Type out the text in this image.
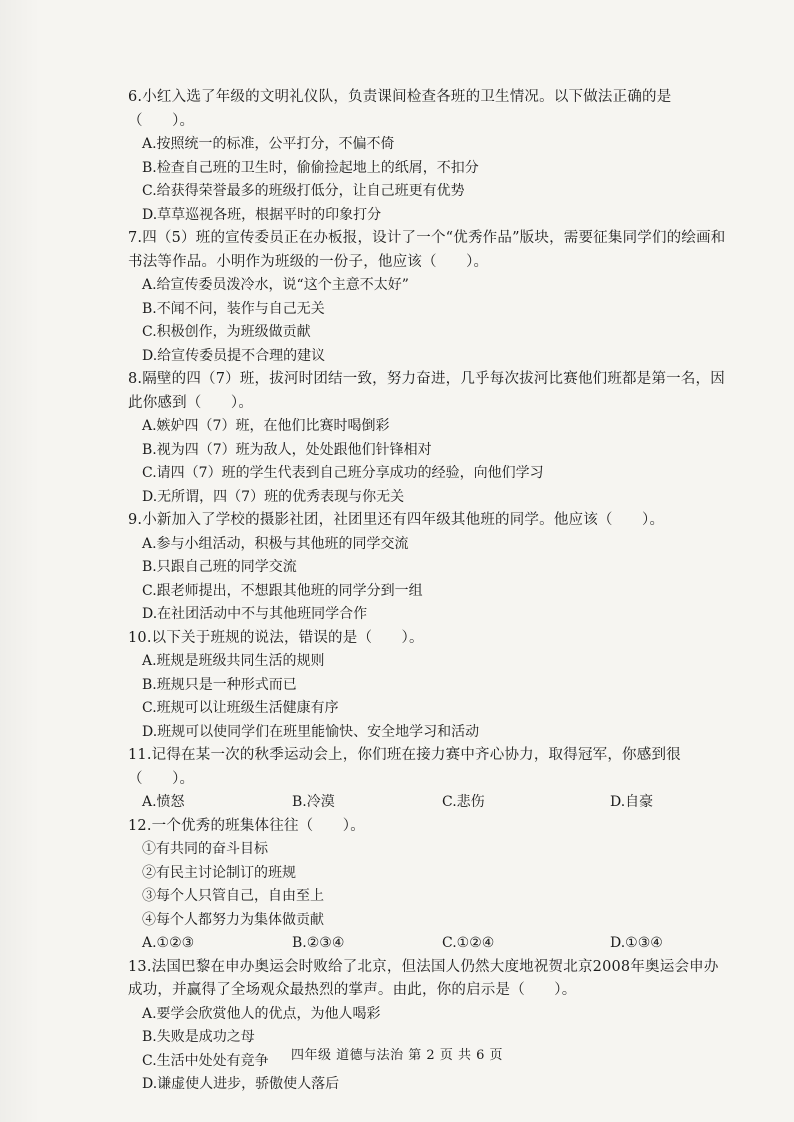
6.小红入选了年级的文明礼仪队，负责课间检查各班的卫生情况。以下做法正确的是（　　）。

A.按照统一的标准，公平打分，不偏不倚

B.检查自己班的卫生时，偷偷捡起地上的纸屑，不扣分

C.给获得荣誉最多的班级打低分，让自己班更有优势

D.草草巡视各班，根据平时的印象打分

7.四（5）班的宣传委员正在办板报，设计了一个“优秀作品”版块，需要征集同学们的绘画和书法等作品。小明作为班级的一份子，他应该（　　）。

A.给宣传委员泼冷水，说“这个主意不太好”

B.不闻不问，装作与自己无关

C.积极创作，为班级做贡献

D.给宣传委员提不合理的建议

8.隔壁的四（7）班，拔河时团结一致，努力奋进，几乎每次拔河比赛他们班都是第一名，因此你感到（　　）。

A.嫉妒四（7）班，在他们比赛时喝倒彩

B.视为四（7）班为敌人，处处跟他们针锋相对

C.请四（7）班的学生代表到自己班分享成功的经验，向他们学习

D.无所谓，四（7）班的优秀表现与你无关

9.小新加入了学校的摄影社团，社团里还有四年级其他班的同学。他应该（　　）。

A.参与小组活动，积极与其他班的同学交流

B.只跟自己班的同学交流

C.跟老师提出，不想跟其他班的同学分到一组

D.在社团活动中不与其他班同学合作

10.以下关于班规的说法，错误的是（　　）。

A.班规是班级共同生活的规则

B.班规只是一种形式而已

C.班规可以让班级生活健康有序

D.班规可以使同学们在班里能愉快、安全地学习和活动

11.记得在某一次的秋季运动会上，你们班在接力赛中齐心协力，取得冠军，你感到很（　　）。

A.愤怒	B.冷漠	C.悲伤	D.自豪

12.一个优秀的班集体往往（　　）。

①有共同的奋斗目标

②有民主讨论制订的班规

③每个人只管自己，自由至上

④每个人都努力为集体做贡献

A.①②③	B.②③④	C.①②④	D.①③④

13.法国巴黎在申办奥运会时败给了北京，但法国人仍然大度地祝贺北京2008年奥运会申办成功，并赢得了全场观众最热烈的掌声。由此，你的启示是（　　）。

A.要学会欣赏他人的优点，为他人喝彩

B.失败是成功之母

C.生活中处处有竞争

D.谦虚使人进步，骄傲使人落后

四年级 道德与法治 第 2 页 共 6 页
